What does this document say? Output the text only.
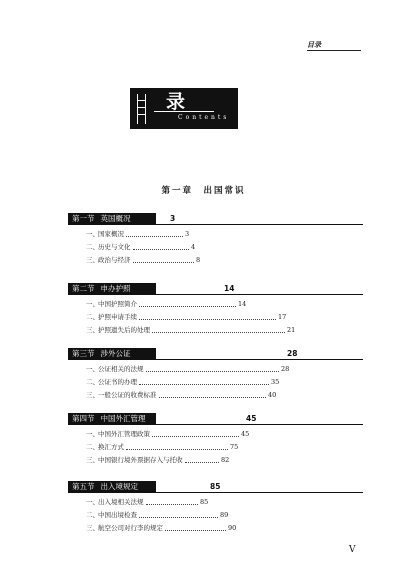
目录
录
Contents
第一章　出国常识
第一节 英国概况	3
一、 国家概况	3
二、 历史与文化	4
三、 政治与经济	8
第二节 申办护照	14
一、 中国护照简介	14
二、 护照申请手续	17
三、 护照遗失后的处理	21
第三节 涉外公证	28
一、 公证相关的法规	28
二、 公证书的办理	35
三、 一般公证的收费标准	40
第四节 中国外汇管理	45
一、 中国外汇管理政策	45
二、 换汇方式	75
三、 中国银行境外票据存入与托收	82
第五节 出入境规定	85
一、 出入境相关法规	85
二、 中国出境检查	89
三、 航空公司对行李的规定	90
V
